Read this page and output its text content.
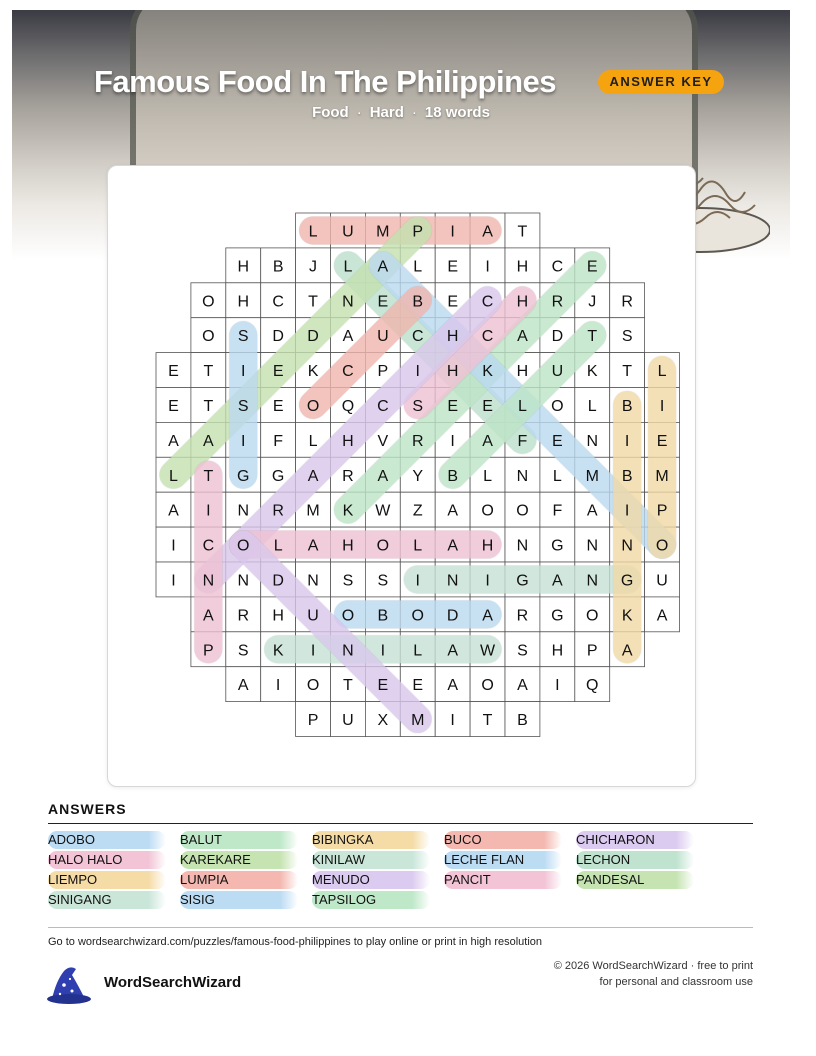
Famous Food In The Philippines	ANSWER KEY
Food · Hard · 18 words
L U M P I A T
H B J L A L E I H C E
O H C T N E B E C H R J R
O S D D A U C H C A D T S
E T I E K C P I H K H U K T L
E T S E O Q C S E E L O L B I
A A I F L H V R I A F E N I E
L T G G A R A Y B L N L M B M
A I N R M K W Z A O O F A I P
I C O L A H O L A H N G N N O
I N N D N S S I N I G A N G U
A R H U O B O D A R G O K A
P S K I N I L A W S H P A
A I O T E E A O A I Q
P U X M I T B
ANSWERS
ADOBO
HALO HALO
LIEMPO
SINIGANG
BALUT
KAREKARE
LUMPIA
SISIG
BIBINGKA
KINILAW
MENUDO
TAPSILOG
BUCO
LECHE FLAN
PANCIT
CHICHARON
LECHON
PANDESAL
Go to wordsearchwizard.com/puzzles/famous-food-philippines to play online or print in high resolution
WordSearchWizard
© 2026 WordSearchWizard · free to print for personal and classroom use
